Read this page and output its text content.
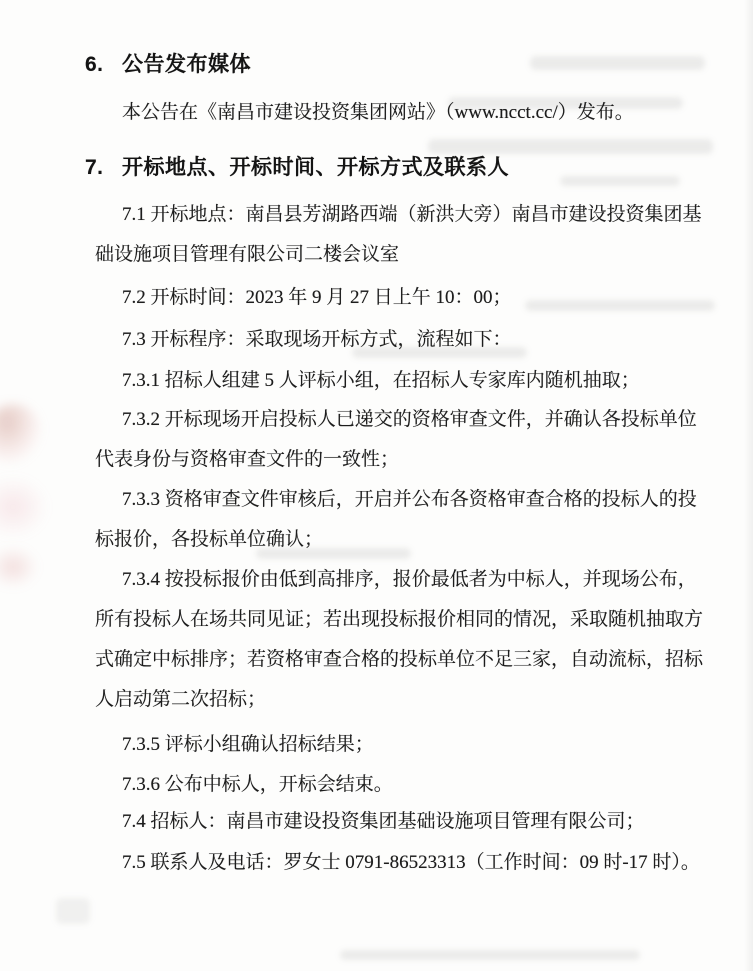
6. 公告发布媒体
本公告在《南昌市建设投资集团网站》（www.ncct.cc/）发布。
7. 开标地点、开标时间、开标方式及联系人
7.1 开标地点：南昌县芳湖路西端（新洪大旁）南昌市建设投资集团基础设施项目管理有限公司二楼会议室
7.2 开标时间：2023 年 9 月 27 日上午 10：00；
7.3 开标程序：采取现场开标方式，流程如下：
7.3.1 招标人组建 5 人评标小组，在招标人专家库内随机抽取；
7.3.2 开标现场开启投标人已递交的资格审查文件，并确认各投标单位代表身份与资格审查文件的一致性；
7.3.3 资格审查文件审核后，开启并公布各资格审查合格的投标人的投标报价，各投标单位确认；
7.3.4 按投标报价由低到高排序，报价最低者为中标人，并现场公布，所有投标人在场共同见证；若出现投标报价相同的情况，采取随机抽取方式确定中标排序；若资格审查合格的投标单位不足三家，自动流标，招标人启动第二次招标；
7.3.5 评标小组确认招标结果；
7.3.6 公布中标人，开标会结束。
7.4 招标人：南昌市建设投资集团基础设施项目管理有限公司；
7.5 联系人及电话：罗女士 0791-86523313（工作时间：09 时-17 时）。
